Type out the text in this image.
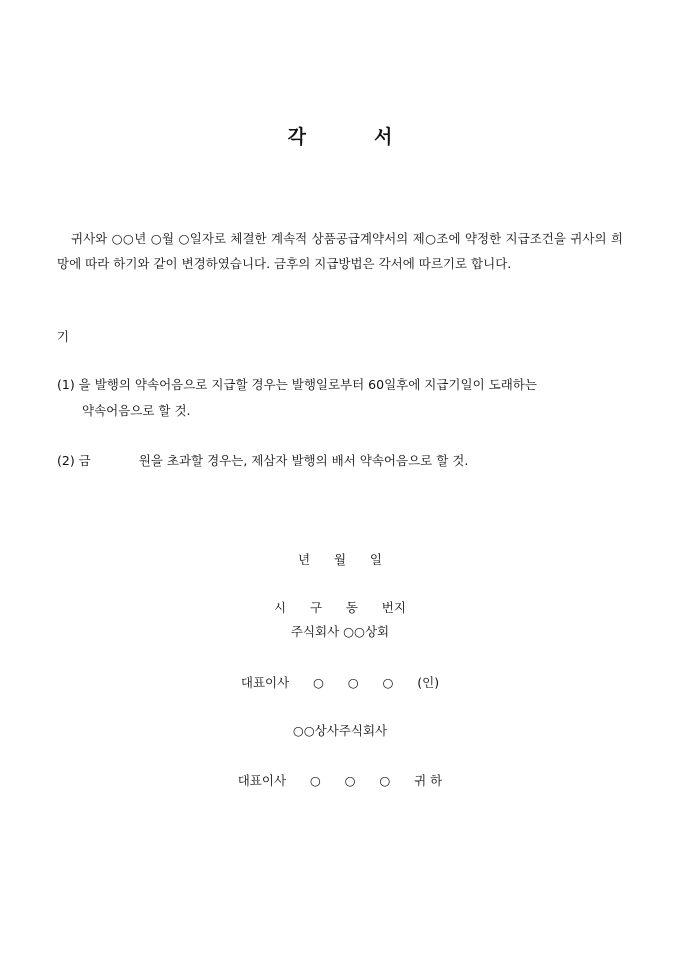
각	서
귀사와 ○○년 ○월 ○일자로 체결한 계속적 상품공급계약서의 제○조에 약정한 지급조건을 귀사의 희망에 따라 하기와 같이 변경하였습니다. 금후의 지급방법은 각서에 따르기로 합니다.
기
(1) 을 발행의 약속어음으로 지급할 경우는 발행일로부터 60일후에 지급기일이 도래하는
약속어음으로 할 것.
(2) 금	원을 초과할 경우는, 제삼자 발행의 배서 약속어음으로 할 것.
년      월      일
시      구      동      번지
주식회사 ○○상회
대표이사      ○      ○      ○      (인)
○○상사주식회사
대표이사      ○      ○      ○      귀 하
